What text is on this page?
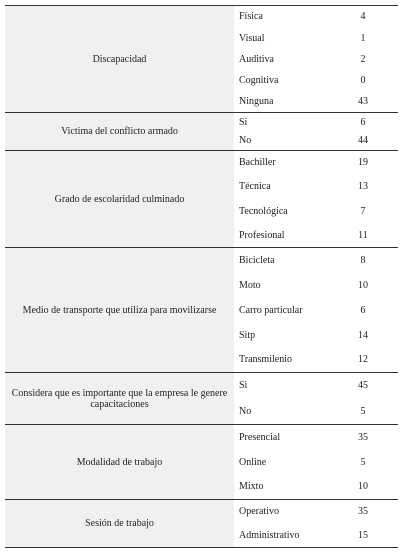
Discapacidad	Física	4
	Visual	1
	Auditiva	2
	Cognitiva	0
	Ninguna	43
Victima del conflicto armado	Si	6
	No	44
Grado de escolaridad culminado	Bachiller	19
	Técnica	13
	Tecnológica	7
	Profesional	11
Medio de transporte que utiliza para movilizarse	Bicicleta	8
	Moto	10
	Carro particular	6
	Sitp	14
	Transmilenio	12
Considera que es importante que la empresa le genere capacitaciones	Si	45
	No	5
Modalidad de trabajo	Presencial	35
	Online	5
	Mixto	10
Sesión de trabajo	Operativo	35
	Administrativo	15
